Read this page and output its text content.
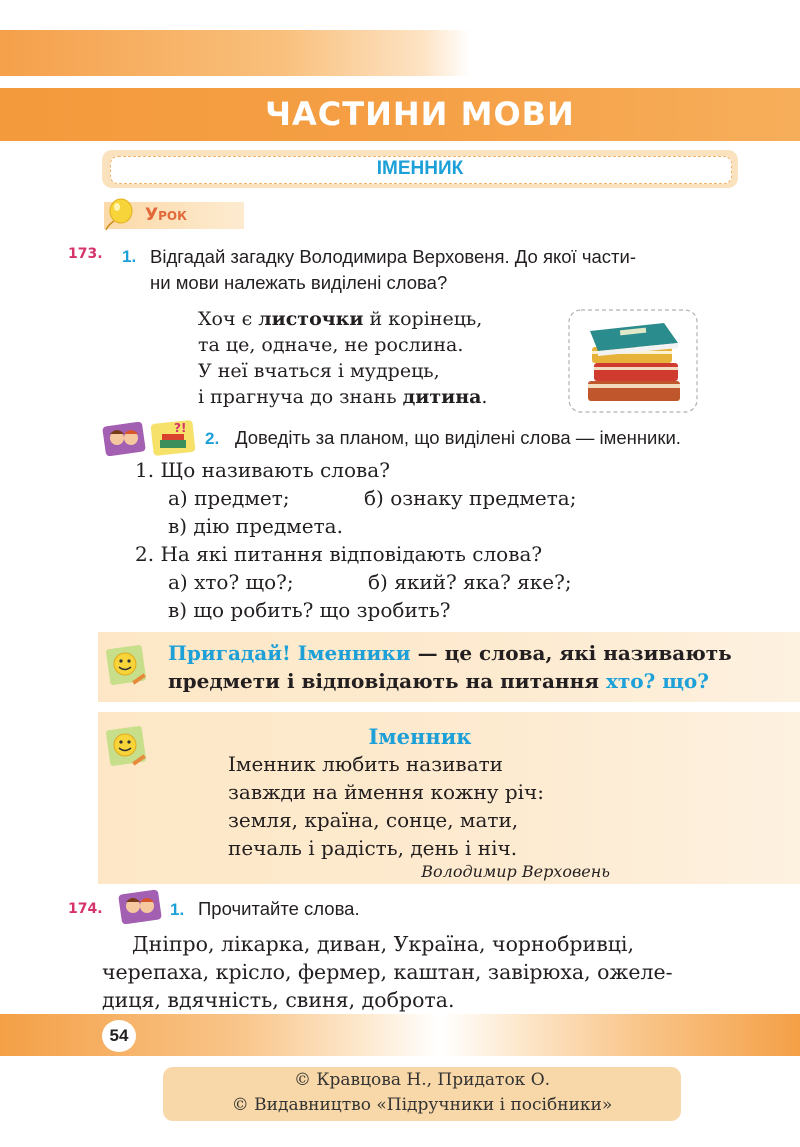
ЧАСТИНИ МОВИ
ІМЕННИК
Урок
173. 1. Відгадай загадку Володимира Верховеня. До якої части-
ни мови належать виділені слова?
Хоч є листочки й корінець,
та це, одначе, не рослина.
У неї вчаться і мудрець,
і прагнуча до знань дитина.
?!
2. Доведіть за планом, що виділені слова — іменники.
1. Що називають слова?
а) предмет;	б) ознаку предмета;
в) дію предмета.
2. На які питання відповідають слова?
а) хто? що?;	б) який? яка? яке?;
в) що робить? що зробить?
Пригадай! Іменники — це слова, які називають
предмети і відповідають на питання хто? що?
Іменник
Іменник любить називати
завжди на ймення кожну річ:
земля, країна, сонце, мати,
печаль і радість, день і ніч.
Володимир Верховень
174.	1. Прочитайте слова.
Дніпро, лікарка, диван, Україна, чорнобривці,
черепаха, крісло, фермер, каштан, завірюха, ожеле-
диця, вдячність, свиня, доброта.
54
© Кравцова Н., Придаток О.
© Видавництво «Підручники і посібники»
